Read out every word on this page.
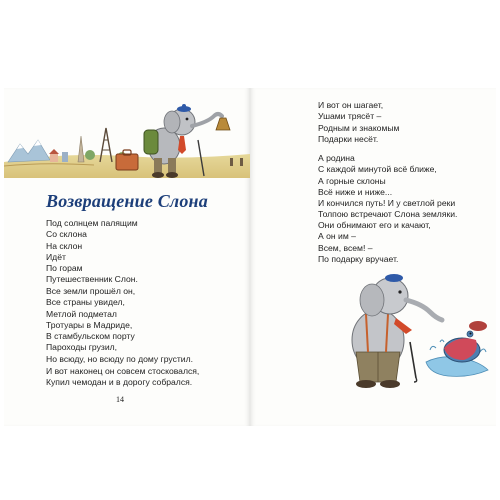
Возвращение Слона
Под солнцем палящим
Со склона
На склон
Идёт
По горам
Путешественник Слон.
Все земли прошёл он,
Все страны увидел,
Метлой подметал
Тротуары в Мадриде,
В стамбульском порту
Пароходы грузил,
Но всюду, но всюду по дому грустил.
И вот наконец он совсем стосковался,
Купил чемодан и в дорогу собрался.
14
И вот он шагает,
Ушами трясёт –
Родным и знакомым
Подарки несёт.
А родина
С каждой минутой всё ближе,
А горные склоны
Всё ниже и ниже...
И кончился путь! И у светлой реки
Толпою встречают Слона земляки.
Они обнимают его и качают,
А он им –
Всем, всем! –
По подарку вручает.
